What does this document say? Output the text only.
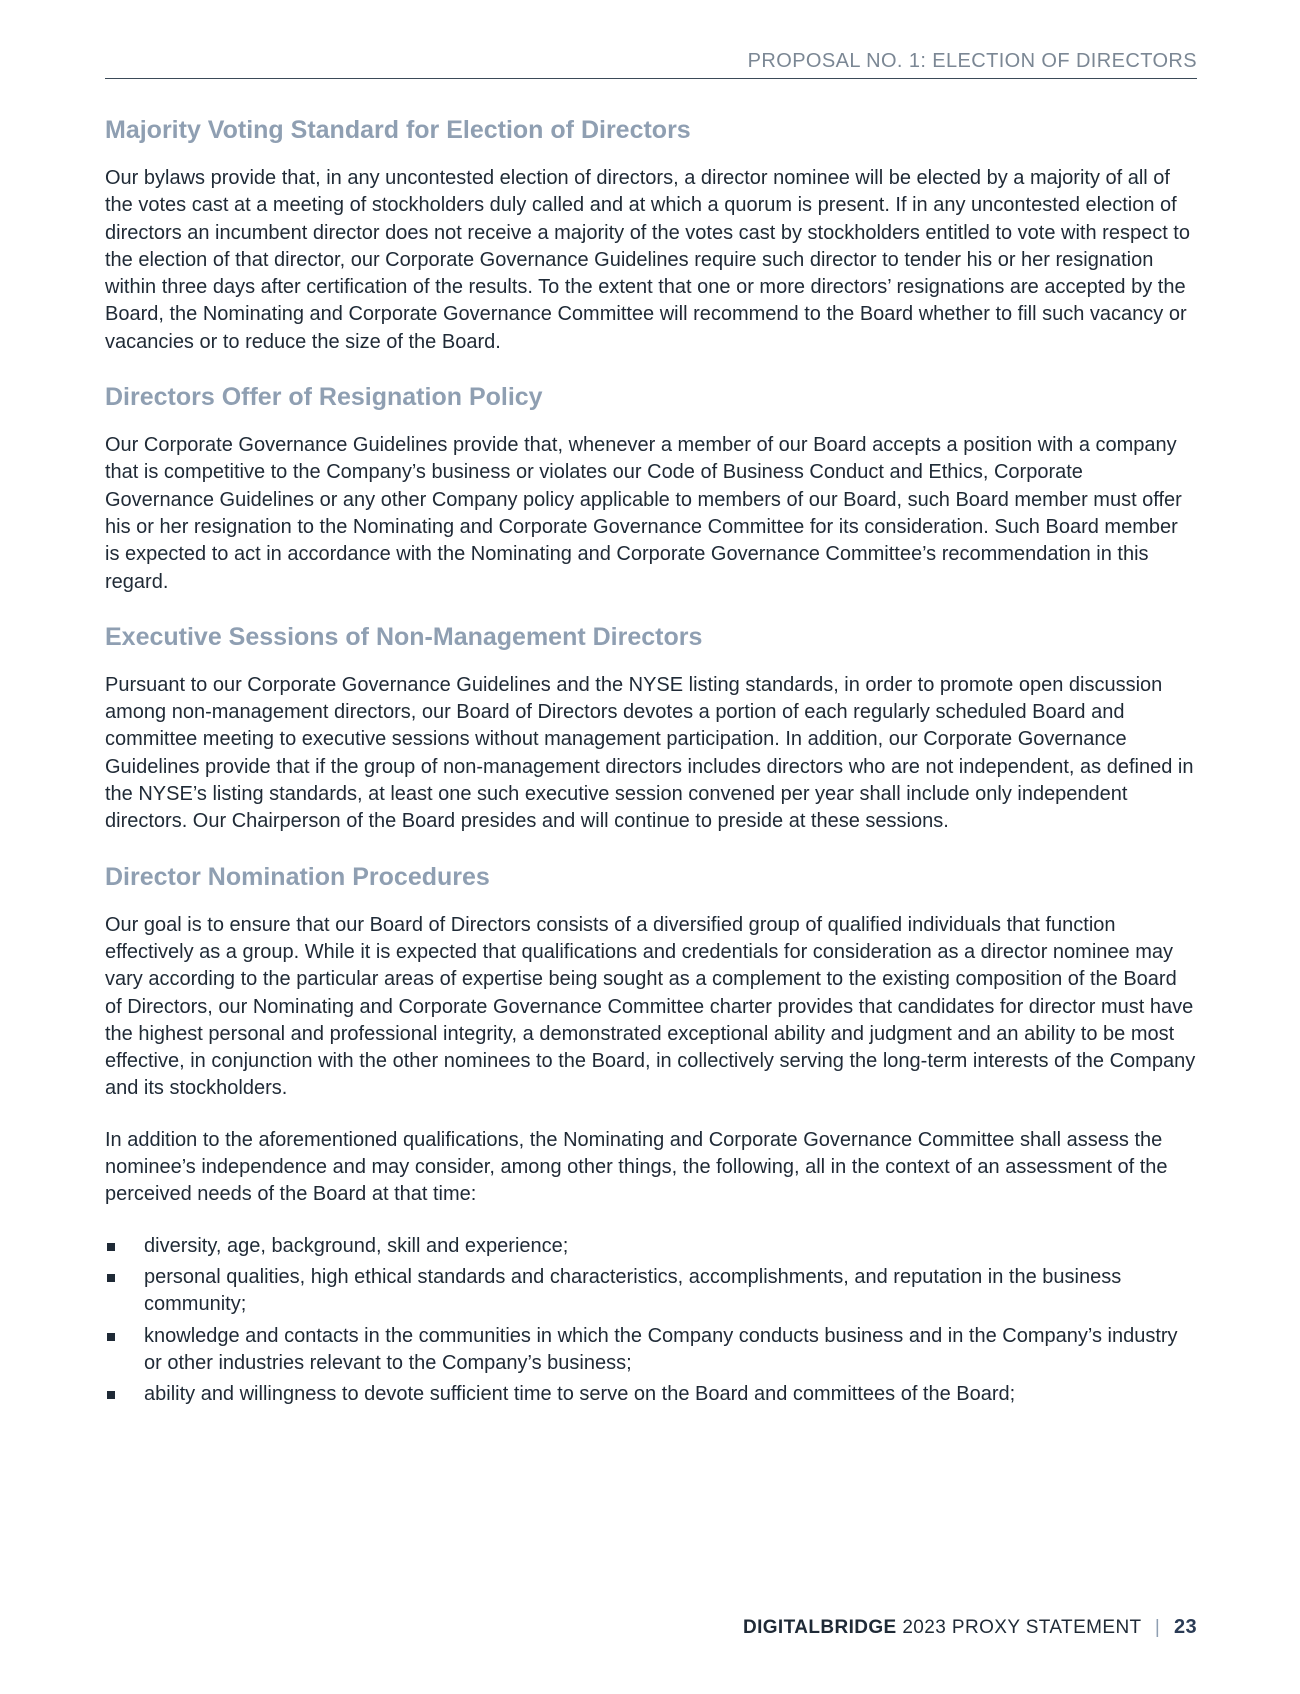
PROPOSAL NO. 1: ELECTION OF DIRECTORS
Majority Voting Standard for Election of Directors

Our bylaws provide that, in any uncontested election of directors, a director nominee will be elected by a majority of all of the votes cast at a meeting of stockholders duly called and at which a quorum is present. If in any uncontested election of directors an incumbent director does not receive a majority of the votes cast by stockholders entitled to vote with respect to the election of that director, our Corporate Governance Guidelines require such director to tender his or her resignation within three days after certification of the results. To the extent that one or more directors’ resignations are accepted by the Board, the Nominating and Corporate Governance Committee will recommend to the Board whether to fill such vacancy or vacancies or to reduce the size of the Board.

Directors Offer of Resignation Policy

Our Corporate Governance Guidelines provide that, whenever a member of our Board accepts a position with a company that is competitive to the Company’s business or violates our Code of Business Conduct and Ethics, Corporate Governance Guidelines or any other Company policy applicable to members of our Board, such Board member must offer his or her resignation to the Nominating and Corporate Governance Committee for its consideration. Such Board member is expected to act in accordance with the Nominating and Corporate Governance Committee’s recommendation in this regard.

Executive Sessions of Non-Management Directors

Pursuant to our Corporate Governance Guidelines and the NYSE listing standards, in order to promote open discussion among non-management directors, our Board of Directors devotes a portion of each regularly scheduled Board and committee meeting to executive sessions without management participation. In addition, our Corporate Governance Guidelines provide that if the group of non-management directors includes directors who are not independent, as defined in the NYSE’s listing standards, at least one such executive session convened per year shall include only independent directors. Our Chairperson of the Board presides and will continue to preside at these sessions.

Director Nomination Procedures

Our goal is to ensure that our Board of Directors consists of a diversified group of qualified individuals that function effectively as a group. While it is expected that qualifications and credentials for consideration as a director nominee may vary according to the particular areas of expertise being sought as a complement to the existing composition of the Board of Directors, our Nominating and Corporate Governance Committee charter provides that candidates for director must have the highest personal and professional integrity, a demonstrated exceptional ability and judgment and an ability to be most effective, in conjunction with the other nominees to the Board, in collectively serving the long-term interests of the Company and its stockholders.

In addition to the aforementioned qualifications, the Nominating and Corporate Governance Committee shall assess the nominee’s independence and may consider, among other things, the following, all in the context of an assessment of the perceived needs of the Board at that time:

diversity, age, background, skill and experience;
personal qualities, high ethical standards and characteristics, accomplishments, and reputation in the business community;
knowledge and contacts in the communities in which the Company conducts business and in the Company’s industry or other industries relevant to the Company’s business;
ability and willingness to devote sufficient time to serve on the Board and committees of the Board;
DIGITALBRIDGE 2023 PROXY STATEMENT | 23
